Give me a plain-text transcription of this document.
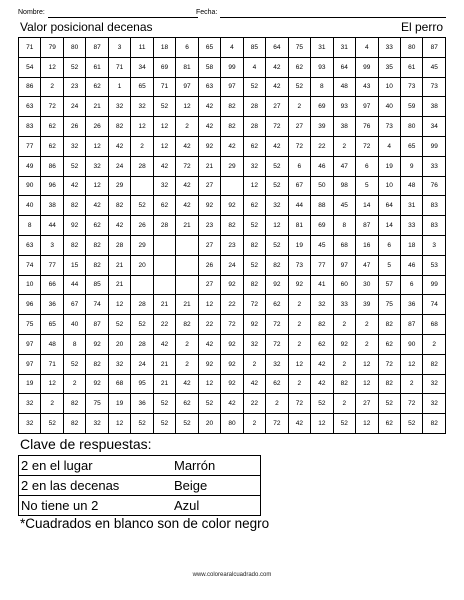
Nombre:	Fecha:
Valor posicional decenas	El perro
71	79	80	87	3	11	18	6	65	4	85	64	75	31	31	4	33	80	87
54	12	52	61	71	34	69	81	58	99	4	42	62	93	64	99	35	61	45
86	2	23	62	1	65	71	97	63	97	52	42	52	8	48	43	10	73	73
63	72	24	21	32	32	52	12	42	82	28	27	2	69	93	97	40	59	38
83	62	26	26	82	12	12	2	42	82	28	72	27	39	38	76	73	80	34
77	62	32	12	42	2	12	42	92	42	62	42	72	22	2	72	4	65	99
49	86	52	32	24	28	42	72	21	29	32	52	6	46	47	6	19	9	33
90	96	42	12	29		32	42	27		12	52	67	50	98	5	10	48	76
40	38	82	42	82	52	62	42	92	92	62	32	44	88	45	14	64	31	83
8	44	92	62	42	26	28	21	23	82	52	12	81	69	8	87	14	33	83
63	3	82	82	28	29			27	23	82	52	19	45	68	16	6	18	3
74	77	15	82	21	20			26	24	52	82	73	77	97	47	5	46	53
10	66	44	85	21				27	92	82	92	92	41	60	30	57	6	99
96	36	67	74	12	28	21	21	12	22	72	62	2	32	33	39	75	36	74
75	65	40	87	52	52	22	82	22	72	92	72	2	82	2	2	82	87	68
97	48	8	92	20	28	42	2	42	92	32	72	2	62	92	2	62	90	2
97	71	52	82	32	24	21	2	92	92	2	32	12	42	2	12	72	12	82
19	12	2	92	68	95	21	42	12	92	42	62	2	42	82	12	82	2	32
32	2	82	75	19	36	52	62	52	42	22	2	72	52	2	27	52	72	32
32	52	82	32	12	52	52	52	20	80	2	72	42	12	52	12	62	52	82
Clave de respuestas:
2 en el lugar	Marrón
2 en las decenas	Beige
No tiene un 2	Azul
*Cuadrados en blanco son de color negro
www.colorearalcuadrado.com
